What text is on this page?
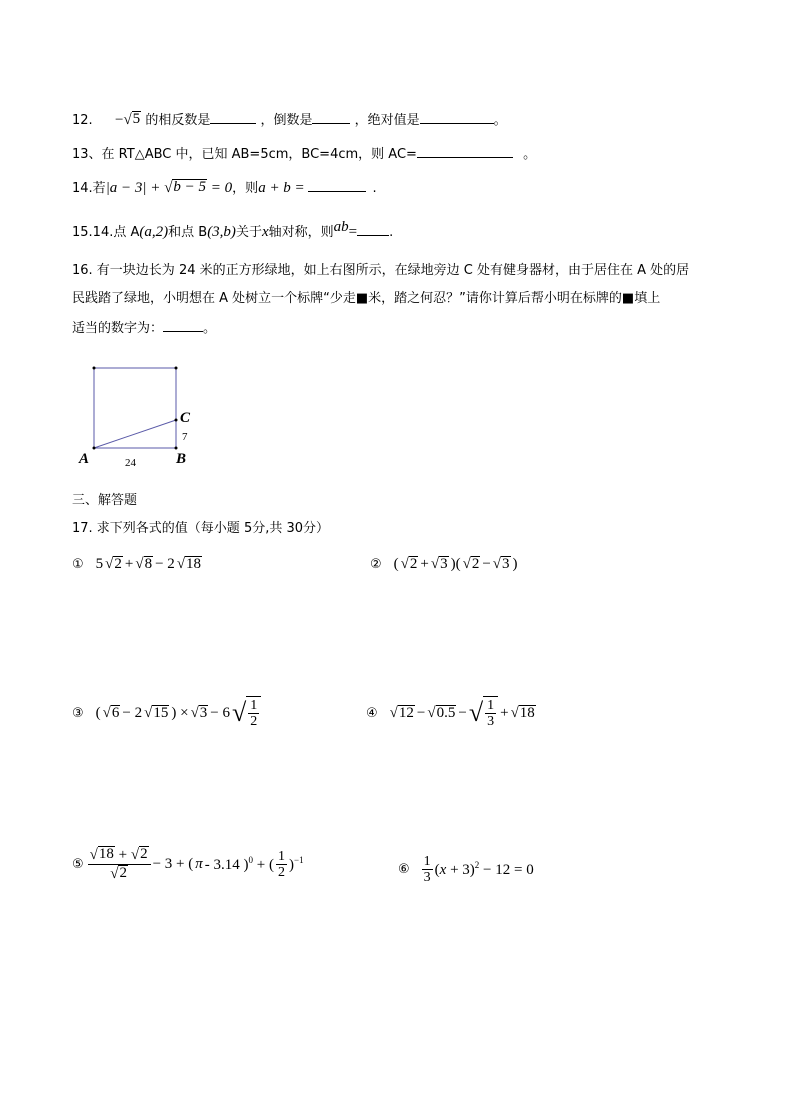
12. − √ 5 的相反数是	，倒数是	，绝对值是	。
13、在 RT△ABC 中，已知 AB=5cm，BC=4cm，则 AC=	。
14.若|a − 3| + √ b − 5 = 0，则a + b =	.
15.14.点 A(a,2)和点 B(3,b)关于x轴对称，则ab= .
16. 有一块边长为 24 米的正方形绿地，如上右图所示，在绿地旁边 C 处有健身器材，由于居住在 A 处的居
民践踏了绿地，小明想在 A 处树立一个标牌“少走■米，踏之何忍？”请你计算后帮小明在标牌的■填上
适当的数字为：	。
C
7
A	B
24
三、解答题
17. 求下列各式的值（每小题 5分,共 30分）
① 5 √ 2 + √ 8 − 2 √ 18	② ( √ 2 + √ 3 )( √ 2 − √ 3 )
③ ( √ 6 − 2 √ 15 ) × √ 3 − 6 √ $\frac{1}{2}$	④ √ 12 − √ 0.5 − √ $\frac{1}{3}$ + √ 18
⑤ $\frac{√ 18 + √ 2}{√ 2} - 3$ + ( π - 3.14 )$^0$ + ( $\frac{1}{2} )^{-1}$
⑥ $\frac{1}{3} (x + 3)^2 - 12 = 0$
